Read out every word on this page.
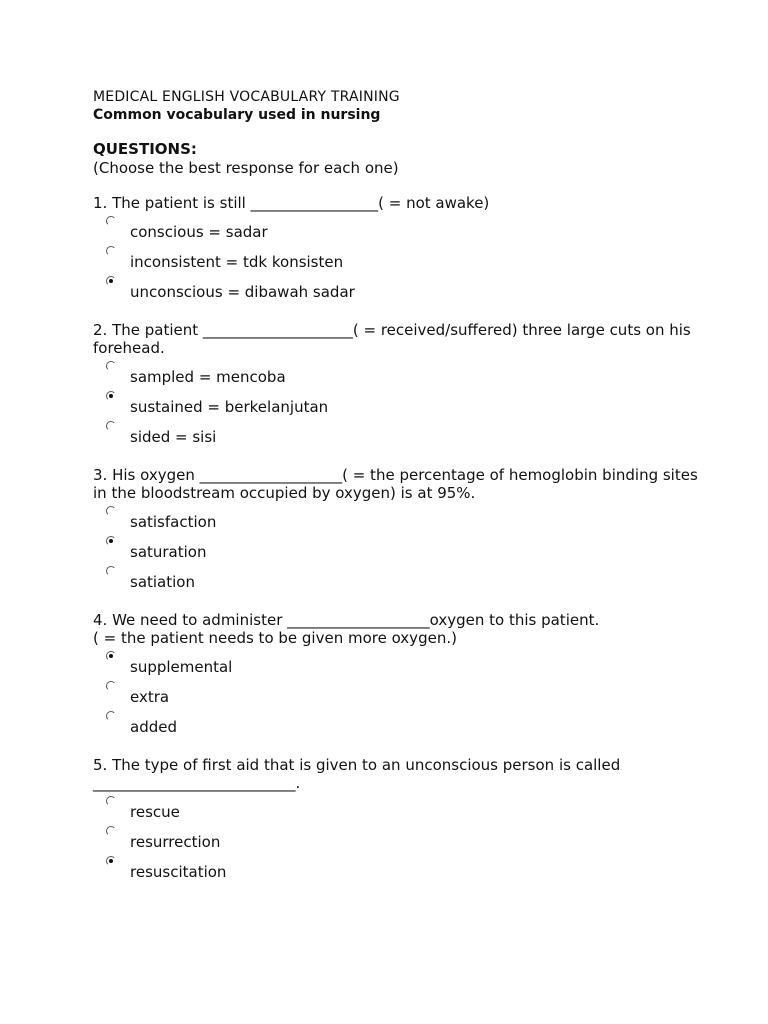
MEDICAL ENGLISH VOCABULARY TRAINING
Common vocabulary used in nursing
QUESTIONS:
(Choose the best response for each one)
1. The patient is still _________________( = not awake)
conscious = sadar
inconsistent = tdk konsisten
unconscious = dibawah sadar
2. The patient ____________________( = received/suffered) three large cuts on his forehead.
sampled = mencoba
sustained = berkelanjutan
sided = sisi
3. His oxygen ___________________( = the percentage of hemoglobin binding sites in the bloodstream occupied by oxygen) is at 95%.
satisfaction
saturation
satiation
4. We need to administer ___________________oxygen to this patient.
( = the patient needs to be given more oxygen.)
supplemental
extra
added
5. The type of first aid that is given to an unconscious person is called
___________________________.
rescue
resurrection
resuscitation
